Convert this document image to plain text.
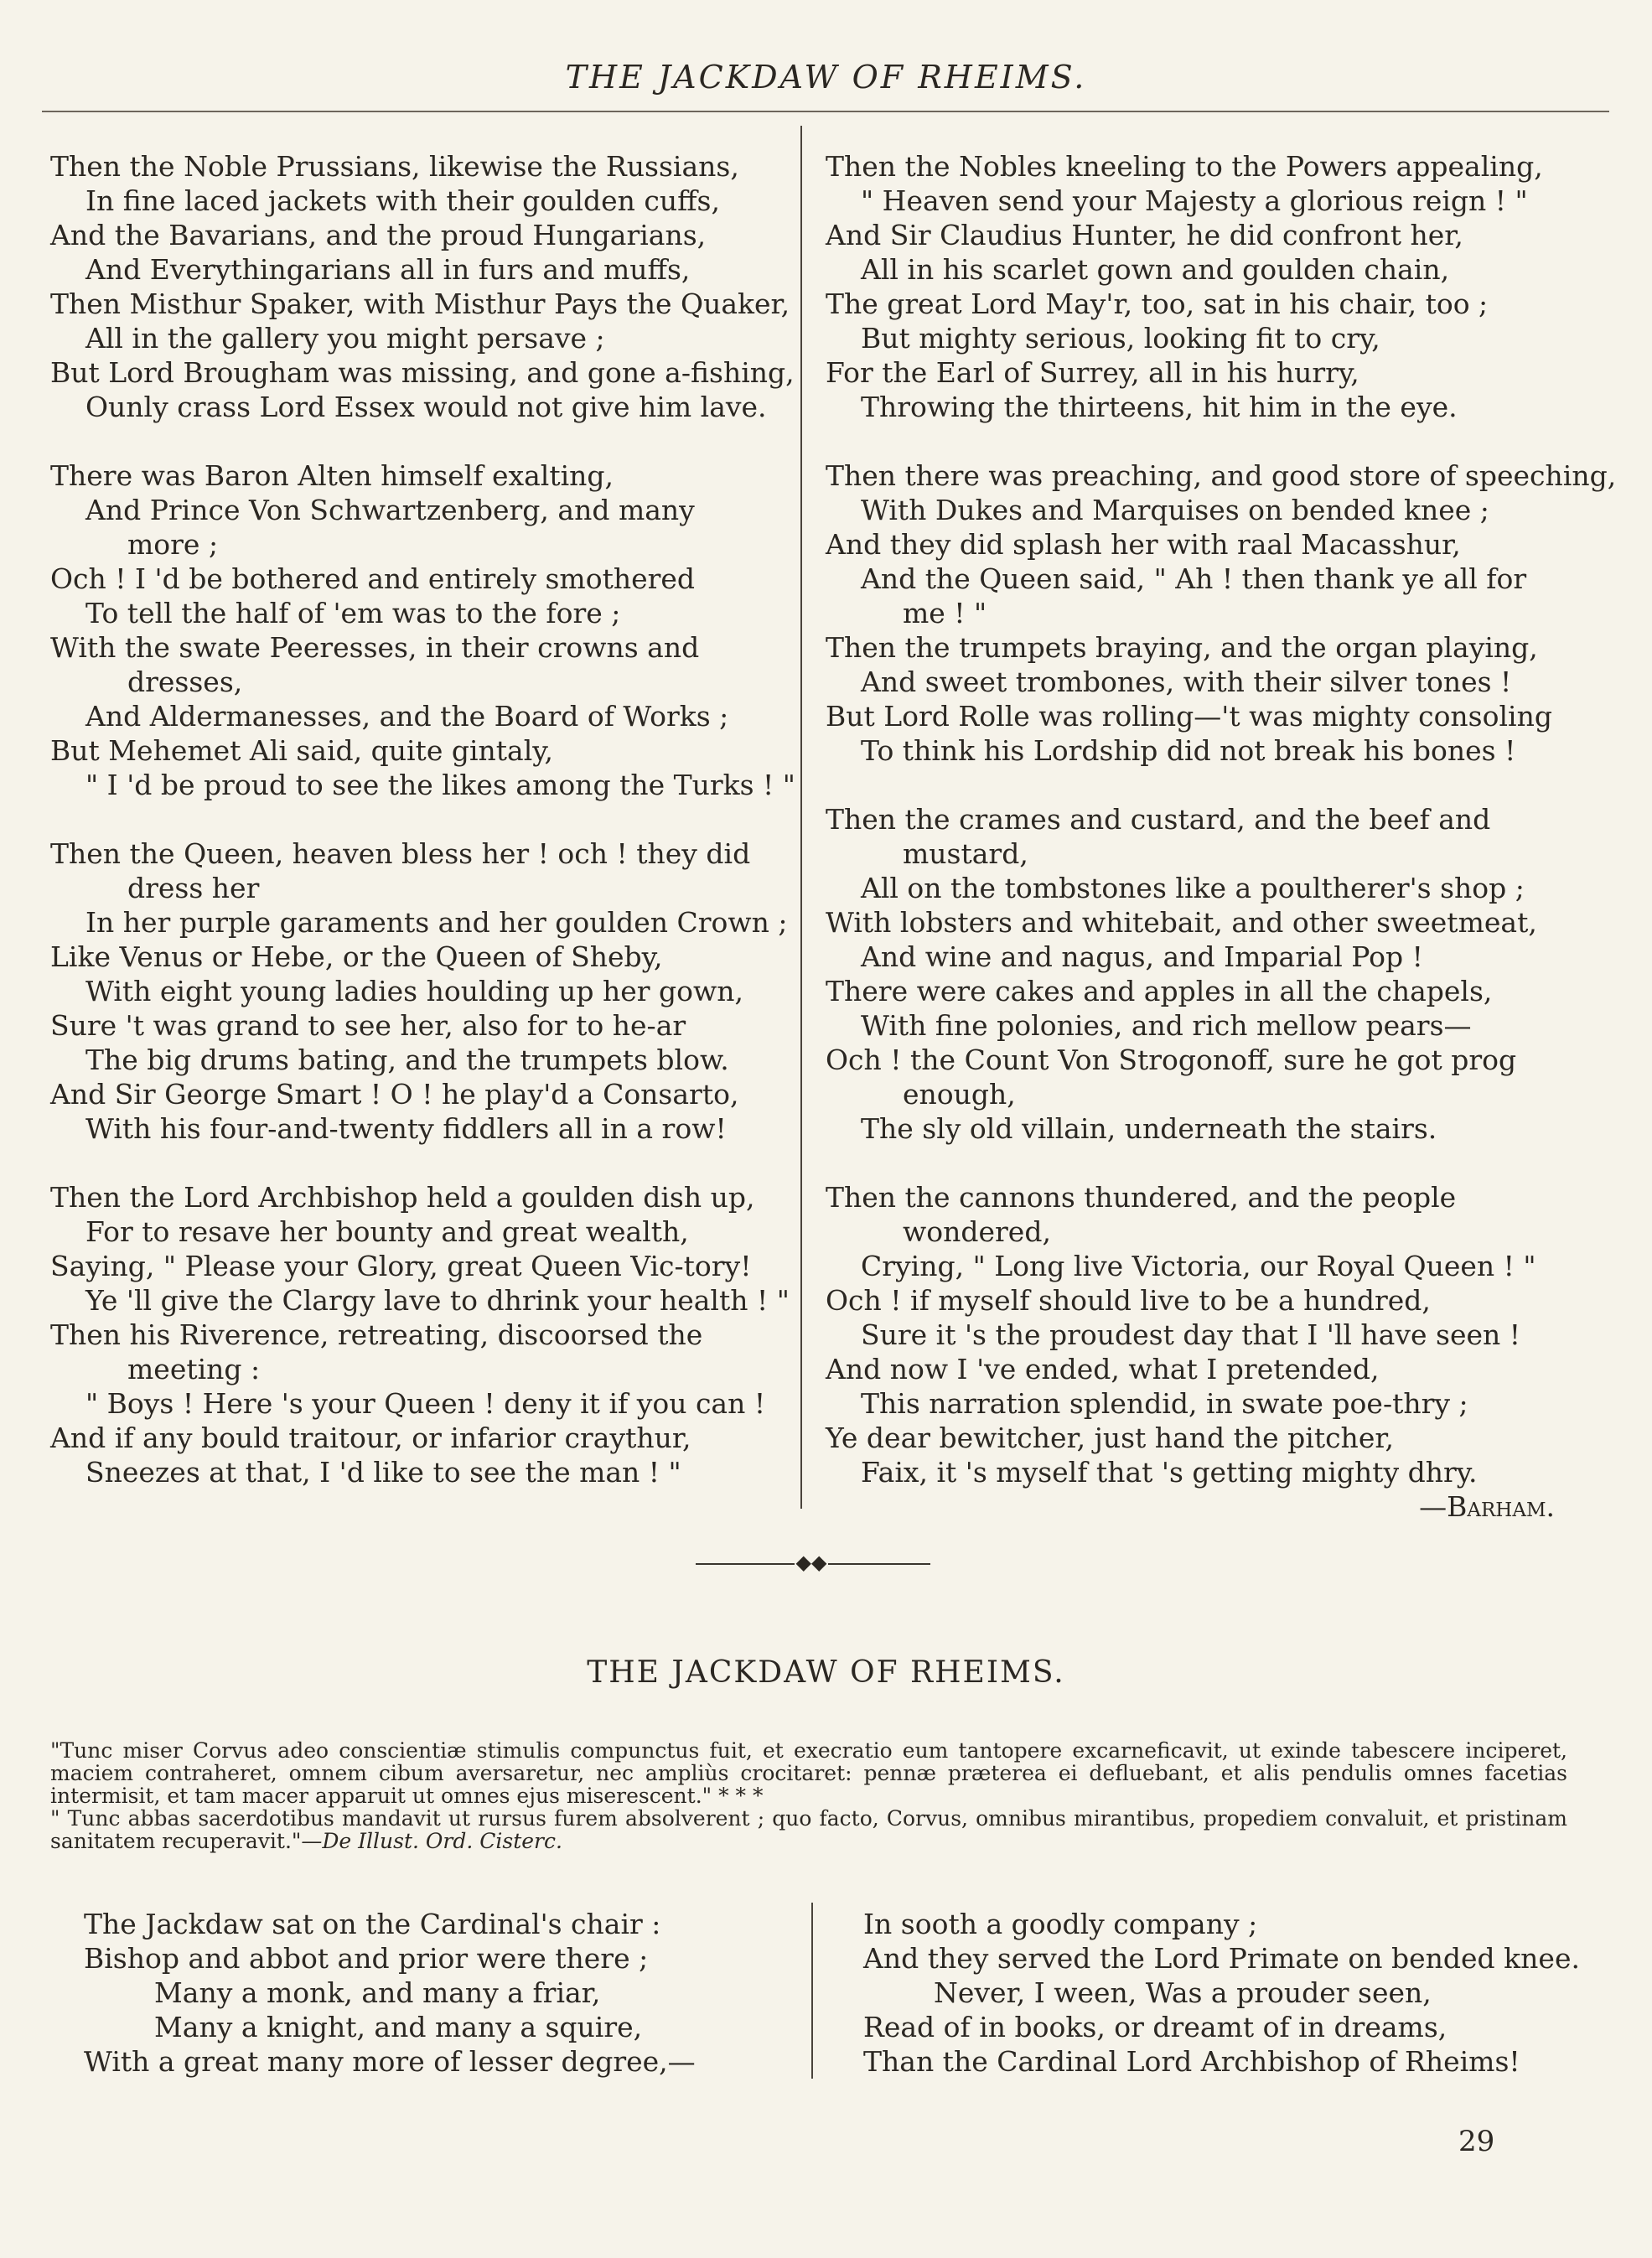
THE JACKDAW OF RHEIMS.
Then the Noble Prussians, likewise the Russians,
In fine laced jackets with their goulden cuffs,
And the Bavarians, and the proud Hungarians,
And Everythingarians all in furs and muffs,
Then Misthur Spaker, with Misthur Pays the Quaker,
All in the gallery you might persave ;
But Lord Brougham was missing, and gone a-fishing,
Ounly crass Lord Essex would not give him lave.
There was Baron Alten himself exalting,
And Prince Von Schwartzenberg, and many
more ;
Och ! I 'd be bothered and entirely smothered
To tell the half of 'em was to the fore ;
With the swate Peeresses, in their crowns and
dresses,
And Aldermanesses, and the Board of Works ;
But Mehemet Ali said, quite gintaly,
" I 'd be proud to see the likes among the Turks ! "
Then the Queen, heaven bless her ! och ! they did
dress her
In her purple garaments and her goulden Crown ;
Like Venus or Hebe, or the Queen of Sheby,
With eight young ladies houlding up her gown,
Sure 't was grand to see her, also for to he-ar
The big drums bating, and the trumpets blow.
And Sir George Smart ! O ! he play'd a Consarto,
With his four-and-twenty fiddlers all in a row!
Then the Lord Archbishop held a goulden dish up,
For to resave her bounty and great wealth,
Saying, " Please your Glory, great Queen Vic-tory!
Ye 'll give the Clargy lave to dhrink your health ! "
Then his Riverence, retreating, discoorsed the
meeting :
" Boys ! Here 's your Queen ! deny it if you can !
And if any bould traitour, or infarior craythur,
Sneezes at that, I 'd like to see the man ! "
Then the Nobles kneeling to the Powers appealing,
" Heaven send your Majesty a glorious reign ! "
And Sir Claudius Hunter, he did confront her,
All in his scarlet gown and goulden chain,
The great Lord May'r, too, sat in his chair, too ;
But mighty serious, looking fit to cry,
For the Earl of Surrey, all in his hurry,
Throwing the thirteens, hit him in the eye.
Then there was preaching, and good store of speeching,
With Dukes and Marquises on bended knee ;
And they did splash her with raal Macasshur,
And the Queen said, " Ah ! then thank ye all for
me ! "
Then the trumpets braying, and the organ playing,
And sweet trombones, with their silver tones !
But Lord Rolle was rolling—'t was mighty consoling
To think his Lordship did not break his bones !
Then the crames and custard, and the beef and
mustard,
All on the tombstones like a poultherer's shop ;
With lobsters and whitebait, and other sweetmeat,
And wine and nagus, and Imparial Pop !
There were cakes and apples in all the chapels,
With fine polonies, and rich mellow pears—
Och ! the Count Von Strogonoff, sure he got prog
enough,
The sly old villain, underneath the stairs.
Then the cannons thundered, and the people
wondered,
Crying, " Long live Victoria, our Royal Queen ! "
Och ! if myself should live to be a hundred,
Sure it 's the proudest day that I 'll have seen !
And now I 've ended, what I pretended,
This narration splendid, in swate poe-thry ;
Ye dear bewitcher, just hand the pitcher,
Faix, it 's myself that 's getting mighty dhry.
—Barham.
◆◆
THE JACKDAW OF RHEIMS.

"Tunc miser Corvus adeo conscientiæ stimulis compunctus fuit, et execratio eum tantopere excarneficavit, ut exinde tabescere inciperet, maciem contraheret, omnem cibum aversaretur, nec ampliùs crocitaret: pennæ præterea ei defluebant, et alis pendulis omnes facetias intermisit, et tam macer apparuit ut omnes ejus miserescent." * * *

" Tunc abbas sacerdotibus mandavit ut rursus furem absolverent ; quo facto, Corvus, omnibus mirantibus, propediem convaluit, et pristinam sanitatem recuperavit."—De Illust. Ord. Cisterc.

The Jackdaw sat on the Cardinal's chair :
Bishop and abbot and prior were there ;
Many a monk, and many a friar,
Many a knight, and many a squire,
With a great many more of lesser degree,—
In sooth a goodly company ;
And they served the Lord Primate on bended knee.
Never, I ween, Was a prouder seen,
Read of in books, or dreamt of in dreams,
Than the Cardinal Lord Archbishop of Rheims!
29
